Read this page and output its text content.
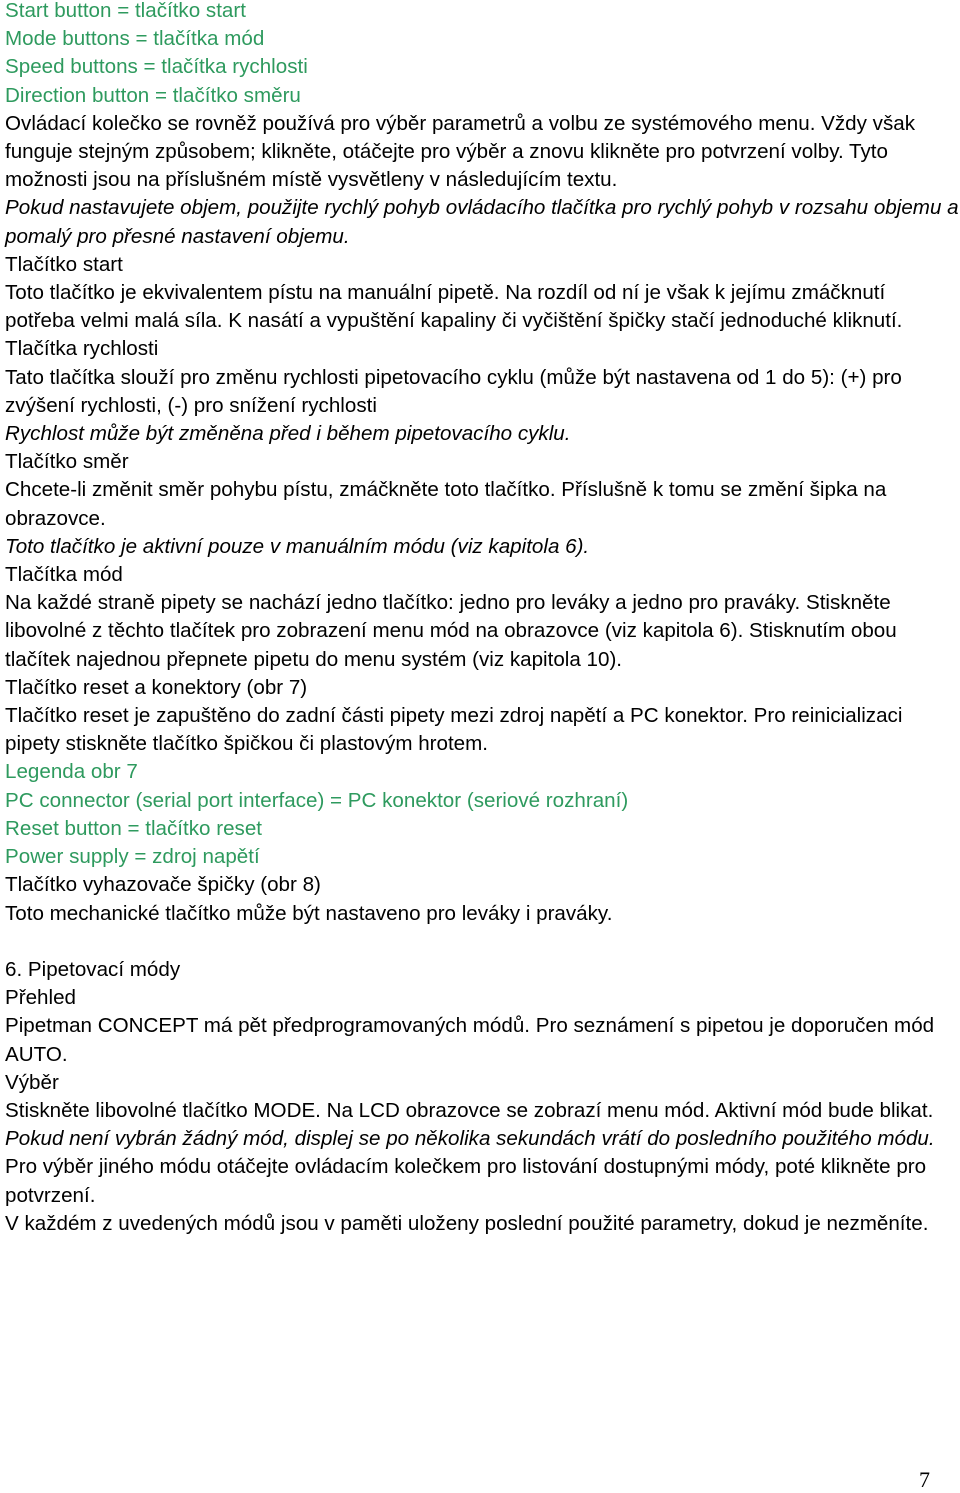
Start button = tlačítko start

Mode buttons = tlačítka mód

Speed buttons = tlačítka rychlosti

Direction button = tlačítko směru

Ovládací kolečko se rovněž používá pro výběr parametrů a volbu ze systémového menu. Vždy však funguje stejným způsobem; klikněte, otáčejte pro výběr a znovu klikněte pro potvrzení volby. Tyto možnosti jsou na příslušném místě vysvětleny v následujícím textu.

Pokud nastavujete objem, použijte rychlý pohyb ovládacího tlačítka pro rychlý pohyb v rozsahu objemu a pomalý pro přesné nastavení objemu.

Tlačítko start

Toto tlačítko je ekvivalentem pístu na manuální pipetě. Na rozdíl od ní je však k jejímu zmáčknutí potřeba velmi malá síla. K nasátí a vypuštění kapaliny či vyčištění špičky stačí jednoduché kliknutí.

Tlačítka rychlosti

Tato tlačítka slouží pro změnu rychlosti pipetovacího cyklu (může být nastavena od 1 do 5): (+) pro zvýšení rychlosti, (-) pro snížení rychlosti

Rychlost může být změněna před i během pipetovacího cyklu.

Tlačítko směr

Chcete-li změnit směr pohybu pístu, zmáčkněte toto tlačítko. Příslušně k tomu se změní šipka na obrazovce.

Toto tlačítko je aktivní pouze v manuálním módu (viz kapitola 6).

Tlačítka mód

Na každé straně pipety se nachází jedno tlačítko: jedno pro leváky a jedno pro praváky. Stiskněte libovolné z těchto tlačítek pro zobrazení menu mód na obrazovce (viz kapitola 6). Stisknutím obou tlačítek najednou přepnete pipetu do menu systém (viz kapitola 10).

Tlačítko reset a konektory (obr 7)

Tlačítko reset je zapuštěno do zadní části pipety mezi zdroj napětí a PC konektor. Pro reinicializaci pipety stiskněte tlačítko špičkou či plastovým hrotem.

Legenda obr 7

PC connector (serial port interface) = PC konektor (seriové rozhraní)

Reset button = tlačítko reset

Power supply = zdroj napětí

Tlačítko vyhazovače špičky (obr 8)

Toto mechanické tlačítko může být nastaveno pro leváky i praváky.

6. Pipetovací módy

Přehled

Pipetman CONCEPT má pět předprogramovaných módů. Pro seznámení s pipetou je doporučen mód AUTO.

Výběr

Stiskněte libovolné tlačítko MODE. Na LCD obrazovce se zobrazí menu mód. Aktivní mód bude blikat.

Pokud není vybrán žádný mód, displej se po několika sekundách vrátí do posledního použitého módu.

Pro výběr jiného módu otáčejte ovládacím kolečkem pro listování dostupnými módy, poté klikněte pro potvrzení.

V každém z uvedených módů jsou v paměti uloženy poslední použité parametry, dokud je nezměníte.

7
